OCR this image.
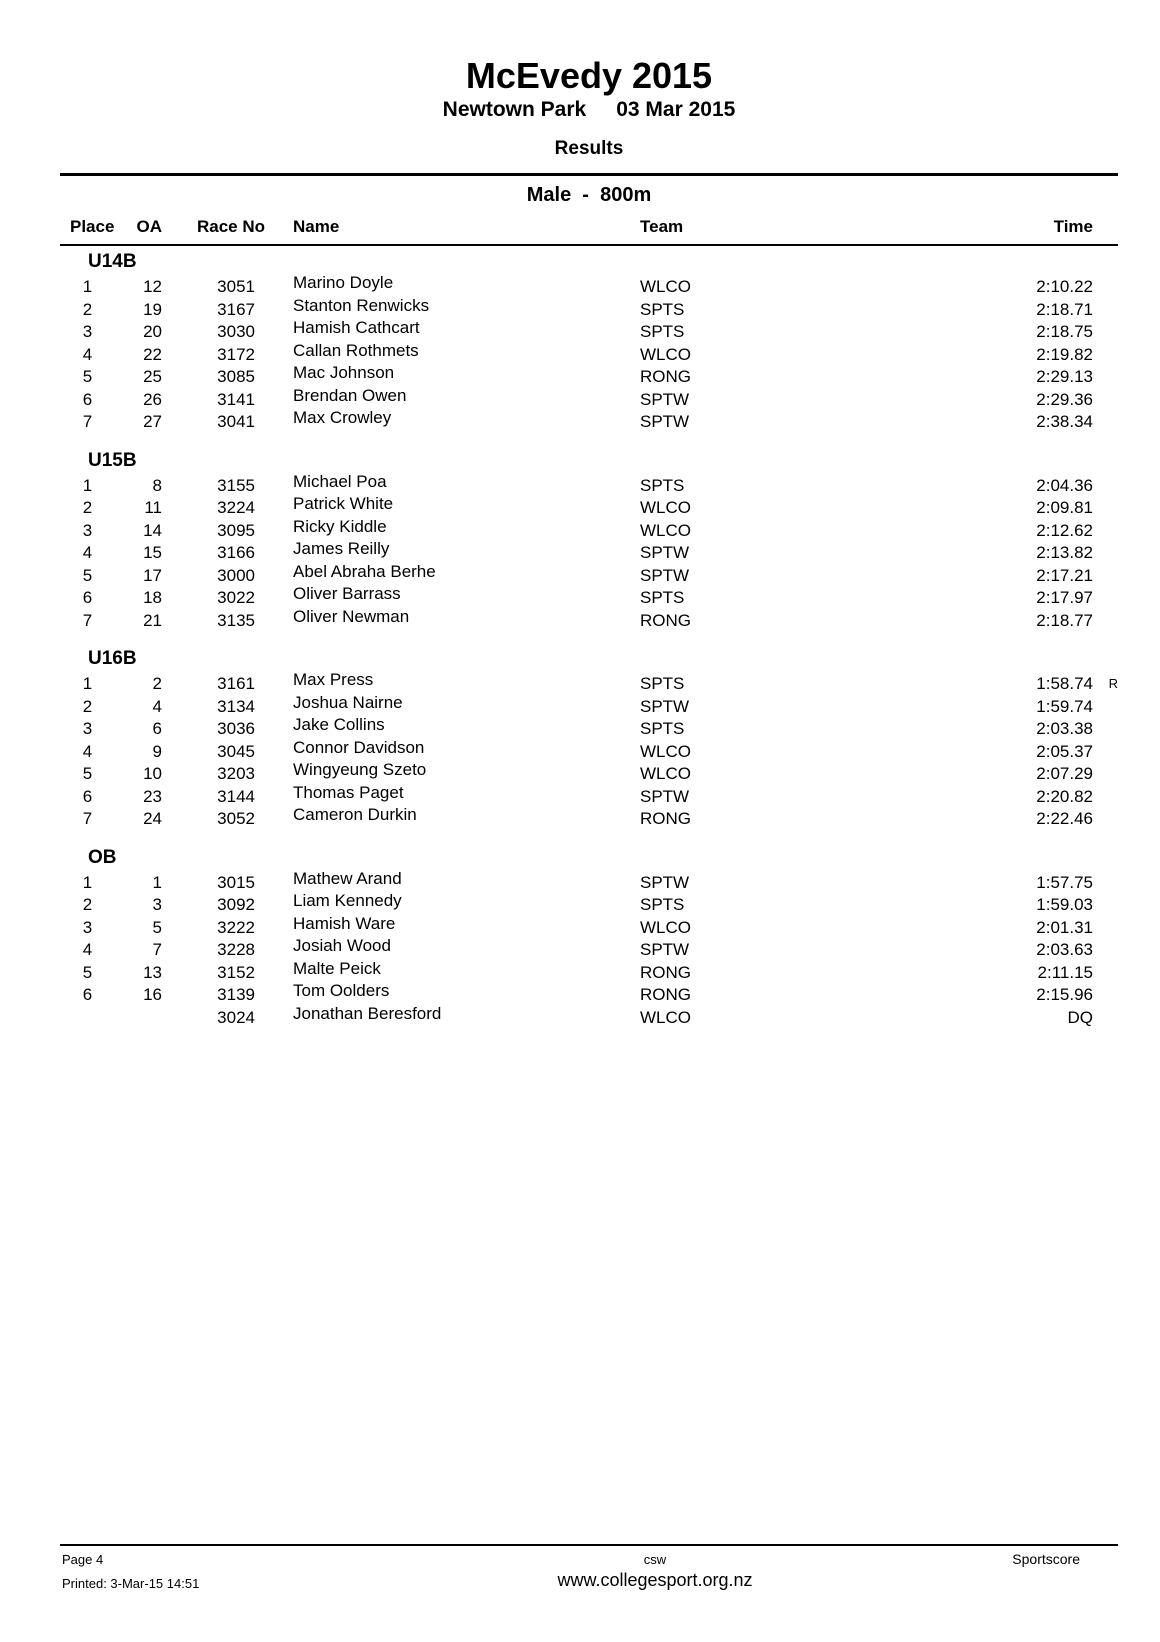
McEvedy 2015
Newtown Park 03 Mar 2015
Results
Male  -  800m
Place	OA	Race No	Name	Team	Time	
U14B						
1	12	3051	Marino Doyle	WLCO	2:10.22	
2	19	3167	Stanton Renwicks	SPTS	2:18.71	
3	20	3030	Hamish Cathcart	SPTS	2:18.75	
4	22	3172	Callan Rothmets	WLCO	2:19.82	
5	25	3085	Mac Johnson	RONG	2:29.13	
6	26	3141	Brendan Owen	SPTW	2:29.36	
7	27	3041	Max Crowley	SPTW	2:38.34	
U15B						
1	8	3155	Michael Poa	SPTS	2:04.36	
2	11	3224	Patrick White	WLCO	2:09.81	
3	14	3095	Ricky Kiddle	WLCO	2:12.62	
4	15	3166	James Reilly	SPTW	2:13.82	
5	17	3000	Abel Abraha Berhe	SPTW	2:17.21	
6	18	3022	Oliver Barrass	SPTS	2:17.97	
7	21	3135	Oliver Newman	RONG	2:18.77	
U16B						
1	2	3161	Max Press	SPTS	1:58.74	R
2	4	3134	Joshua Nairne	SPTW	1:59.74	
3	6	3036	Jake Collins	SPTS	2:03.38	
4	9	3045	Connor Davidson	WLCO	2:05.37	
5	10	3203	Wingyeung Szeto	WLCO	2:07.29	
6	23	3144	Thomas Paget	SPTW	2:20.82	
7	24	3052	Cameron Durkin	RONG	2:22.46	
OB						
1	1	3015	Mathew Arand	SPTW	1:57.75	
2	3	3092	Liam Kennedy	SPTS	1:59.03	
3	5	3222	Hamish Ware	WLCO	2:01.31	
4	7	3228	Josiah Wood	SPTW	2:03.63	
5	13	3152	Malte Peick	RONG	2:11.15	
6	16	3139	Tom Oolders	RONG	2:15.96	
		3024	Jonathan Beresford	WLCO	DQ	
Page 4
Printed: 3-Mar-15 14:51
csw
www.collegesport.org.nz
Sportscore
